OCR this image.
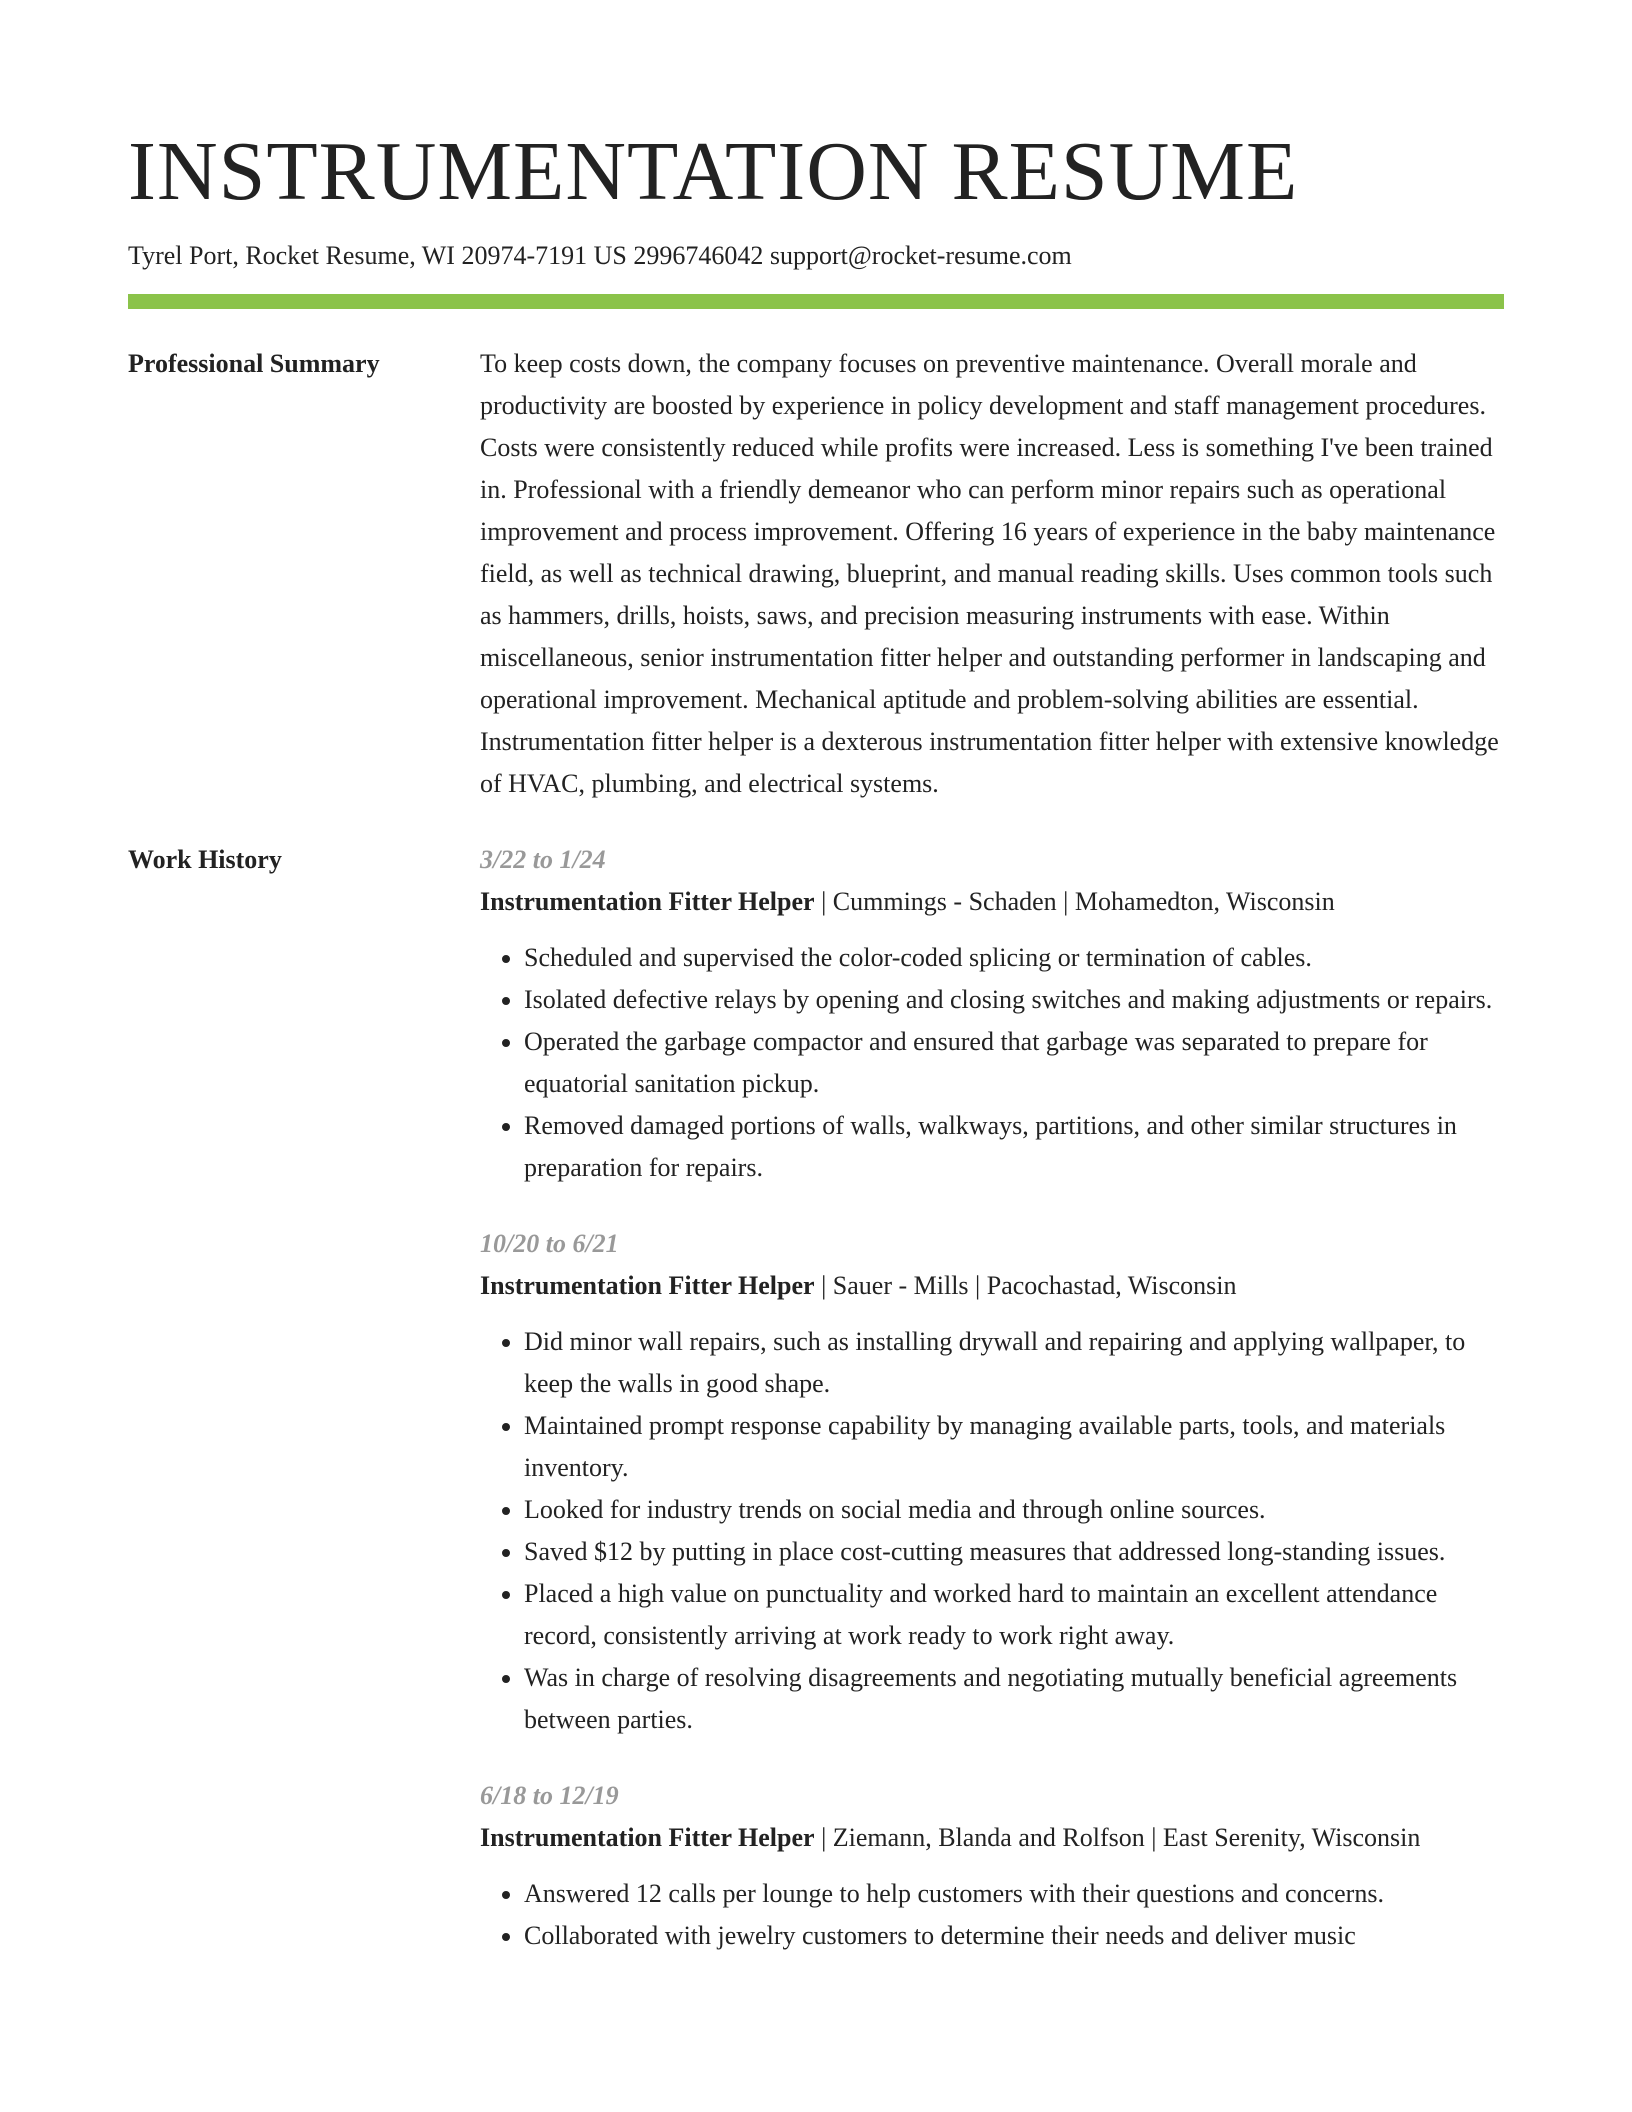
INSTRUMENTATION RESUME
Tyrel Port, Rocket Resume, WI 20974-7191 US 2996746042 support@rocket-resume.com
Professional Summary	To keep costs down, the company focuses on preventive maintenance. Overall morale and productivity are boosted by experience in policy development and staff management procedures. Costs were consistently reduced while profits were increased. Less is something I've been trained in. Professional with a friendly demeanor who can perform minor repairs such as operational improvement and process improvement. Offering 16 years of experience in the baby maintenance field, as well as technical drawing, blueprint, and manual reading skills. Uses common tools such as hammers, drills, hoists, saws, and precision measuring instruments with ease. Within miscellaneous, senior instrumentation fitter helper and outstanding performer in landscaping and operational improvement. Mechanical aptitude and problem-solving abilities are essential. Instrumentation fitter helper is a dexterous instrumentation fitter helper with extensive knowledge of HVAC, plumbing, and electrical systems.

Work History	3/22 to 1/24
Instrumentation Fitter Helper | Cummings - Schaden | Mohamedton, Wisconsin
• Scheduled and supervised the color-coded splicing or termination of cables.
• Isolated defective relays by opening and closing switches and making adjustments or repairs.
• Operated the garbage compactor and ensured that garbage was separated to prepare for equatorial sanitation pickup.
• Removed damaged portions of walls, walkways, partitions, and other similar structures in preparation for repairs.
10/20 to 6/21
Instrumentation Fitter Helper | Sauer - Mills | Pacochastad, Wisconsin
• Did minor wall repairs, such as installing drywall and repairing and applying wallpaper, to keep the walls in good shape.
• Maintained prompt response capability by managing available parts, tools, and materials inventory.
• Looked for industry trends on social media and through online sources.
• Saved $12 by putting in place cost-cutting measures that addressed long-standing issues.
• Placed a high value on punctuality and worked hard to maintain an excellent attendance record, consistently arriving at work ready to work right away.
• Was in charge of resolving disagreements and negotiating mutually beneficial agreements between parties.
6/18 to 12/19
Instrumentation Fitter Helper | Ziemann, Blanda and Rolfson | East Serenity, Wisconsin
• Answered 12 calls per lounge to help customers with their questions and concerns.
• Collaborated with jewelry customers to determine their needs and deliver music
